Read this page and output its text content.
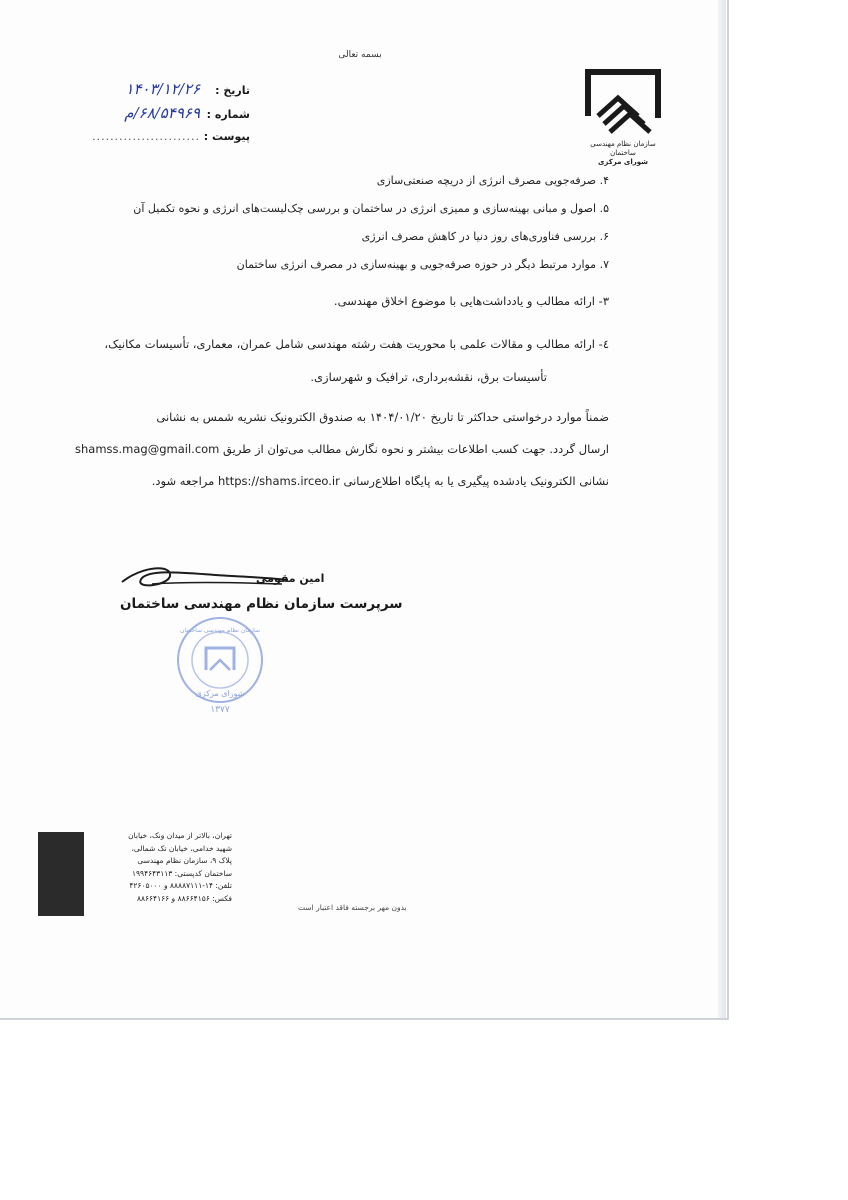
بسمه تعالی
سازمان نظام مهندسی ساختمان
شورای مرکزی
تاریخ :
۱۴۰۳/۱۲/۲۶
شماره :
۶۸/۵۴۹۶۹/م
پیوست :
........................
۴. صرفه‌جویی مصرف انرژی از دریچه صنعتی‌سازی
۵. اصول و مبانی بهینه‌سازی و ممیزی انرژی در ساختمان و بررسی چک‌لیست‌های انرژی و نحوه تکمیل آن
۶. بررسی فناوری‌های روز دنیا در کاهش مصرف انرژی
۷. موارد مرتبط دیگر در حوزه صرفه‌جویی و بهینه‌سازی در مصرف انرژی ساختمان
۳- ارائه مطالب و یادداشت‌هایی با موضوع اخلاق مهندسی.
٤- ارائه مطالب و مقالات علمی با محوریت هفت رشته مهندسی شامل عمران، معماری، تأسیسات مکانیک،
تأسیسات برق، نقشه‌برداری، ترافیک و شهرسازی.
ضمناً موارد درخواستی حداکثر تا تاریخ ۱۴۰۴/۰۱/۲۰ به صندوق الکترونیک نشریه شمس به نشانی
shamss.mag@gmail.com ارسال گردد. جهت کسب اطلاعات بیشتر و نحوه نگارش مطالب می‌توان از طریق
نشانی الکترونیک یادشده پیگیری یا به پایگاه اطلاع‌رسانی https://shams.irceo.ir مراجعه شود.
امین مقومی
سرپرست سازمان نظام مهندسی ساختمان
سازمان نظام مهندسی ساختمان
شورای مرکزی
۱۳۷۷
تهران، بالاتر از میدان ونک، خیابان
شهید خدامی، خیابان تک شمالی،
پلاک ۹، سازمان نظام مهندسی
ساختمان کدپستی: ۱۹۹۴۶۴۳۱۱۳
تلفن: ۱۴-۸۸۸۸۷۱۱۱ و ۴۲۶۰۵۰۰۰
فکس: ۸۸۶۶۴۱۵۶ و ۸۸۶۶۴۱۶۶
بدون مهر برجسته فاقد اعتبار است
